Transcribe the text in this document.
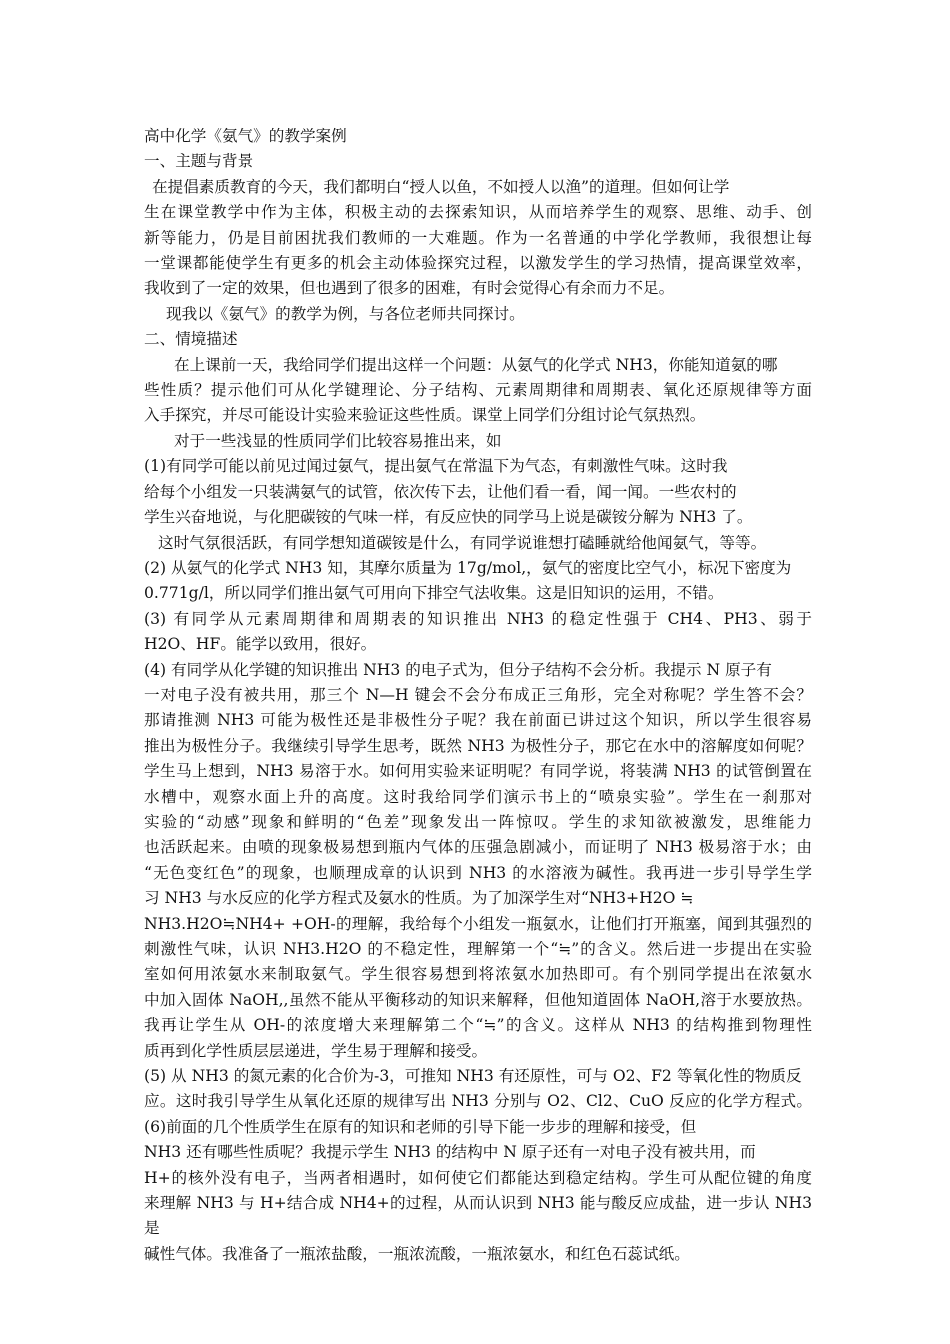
高中化学《氨气》的教学案例
一、主题与背景
在提倡素质教育的今天，我们都明白“授人以鱼，不如授人以渔”的道理。但如何让学
生在课堂教学中作为主体，积极主动的去探索知识，从而培养学生的观察、思维、动手、创
新等能力，仍是目前困扰我们教师的一大难题。作为一名普通的中学化学教师，我很想让每
一堂课都能使学生有更多的机会主动体验探究过程，以激发学生的学习热情，提高课堂效率，
我收到了一定的效果，但也遇到了很多的困难，有时会觉得心有余而力不足。
现我以《氨气》的教学为例，与各位老师共同探讨。
二、情境描述
在上课前一天，我给同学们提出这样一个问题：从氨气的化学式 NH3，你能知道氨的哪
些性质？提示他们可从化学键理论、分子结构、元素周期律和周期表、氧化还原规律等方面
入手探究，并尽可能设计实验来验证这些性质。课堂上同学们分组讨论气氛热烈。
对于一些浅显的性质同学们比较容易推出来，如
(1)有同学可能以前见过闻过氨气，提出氨气在常温下为气态，有刺激性气味。这时我
给每个小组发一只装满氨气的试管，依次传下去，让他们看一看，闻一闻。一些农村的
学生兴奋地说，与化肥碳铵的气味一样，有反应快的同学马上说是碳铵分解为 NH3 了。
这时气氛很活跃，有同学想知道碳铵是什么，有同学说谁想打磕睡就给他闻氨气，等等。
(2) 从氨气的化学式 NH3 知，其摩尔质量为 17g/mol,，氨气的密度比空气小，标况下密度为
0.771g/l，所以同学们推出氨气可用向下排空气法收集。这是旧知识的运用，不错。
(3) 有同学从元素周期律和周期表的知识推出 NH3 的稳定性强于 CH4、PH3、弱于
H2O、HF。能学以致用，很好。
(4) 有同学从化学键的知识推出 NH3 的电子式为，但分子结构不会分析。我提示 N 原子有
一对电子没有被共用，那三个 N—H 键会不会分布成正三角形，完全对称呢？学生答不会？
那请推测 NH3 可能为极性还是非极性分子呢？我在前面已讲过这个知识，所以学生很容易
推出为极性分子。我继续引导学生思考，既然 NH3 为极性分子，那它在水中的溶解度如何呢？
学生马上想到，NH3 易溶于水。如何用实验来证明呢？有同学说，将装满 NH3 的试管倒置在
水槽中，观察水面上升的高度。这时我给同学们演示书上的“喷泉实验”。学生在一刹那对
实验的“动感”现象和鲜明的“色差”现象发出一阵惊叹。学生的求知欲被激发，思维能力
也活跃起来。由喷的现象极易想到瓶内气体的压强急剧减小，而证明了 NH3 极易溶于水；由
“无色变红色”的现象，也顺理成章的认识到 NH3 的水溶液为碱性。我再进一步引导学生学
习 NH3 与水反应的化学方程式及氨水的性质。为了加深学生对“NH3+H2O ≒
NH3.H2O≒NH4+ +OH-的理解，我给每个小组发一瓶氨水，让他们打开瓶塞，闻到其强烈的
刺激性气味，认识 NH3.H2O 的不稳定性，理解第一个“≒”的含义。然后进一步提出在实验
室如何用浓氨水来制取氨气。学生很容易想到将浓氨水加热即可。有个别同学提出在浓氨水
中加入固体 NaOH,,虽然不能从平衡移动的知识来解释，但他知道固体 NaOH,溶于水要放热。
我再让学生从 OH-的浓度增大来理解第二个“≒”的含义。这样从 NH3 的结构推到物理性
质再到化学性质层层递进，学生易于理解和接受。
(5) 从 NH3 的氮元素的化合价为-3，可推知 NH3 有还原性，可与 O2、F2 等氧化性的物质反
应。这时我引导学生从氧化还原的规律写出 NH3 分别与 O2、Cl2、CuO 反应的化学方程式。
(6)前面的几个性质学生在原有的知识和老师的引导下能一步步的理解和接受，但
NH3 还有哪些性质呢？我提示学生 NH3 的结构中 N 原子还有一对电子没有被共用，而
H+的核外没有电子，当两者相遇时，如何使它们都能达到稳定结构。学生可从配位键的角度
来理解 NH3 与 H+结合成 NH4+的过程，从而认识到 NH3 能与酸反应成盐，进一步认 NH3 是
碱性气体。我准备了一瓶浓盐酸，一瓶浓流酸，一瓶浓氨水，和红色石蕊试纸。
